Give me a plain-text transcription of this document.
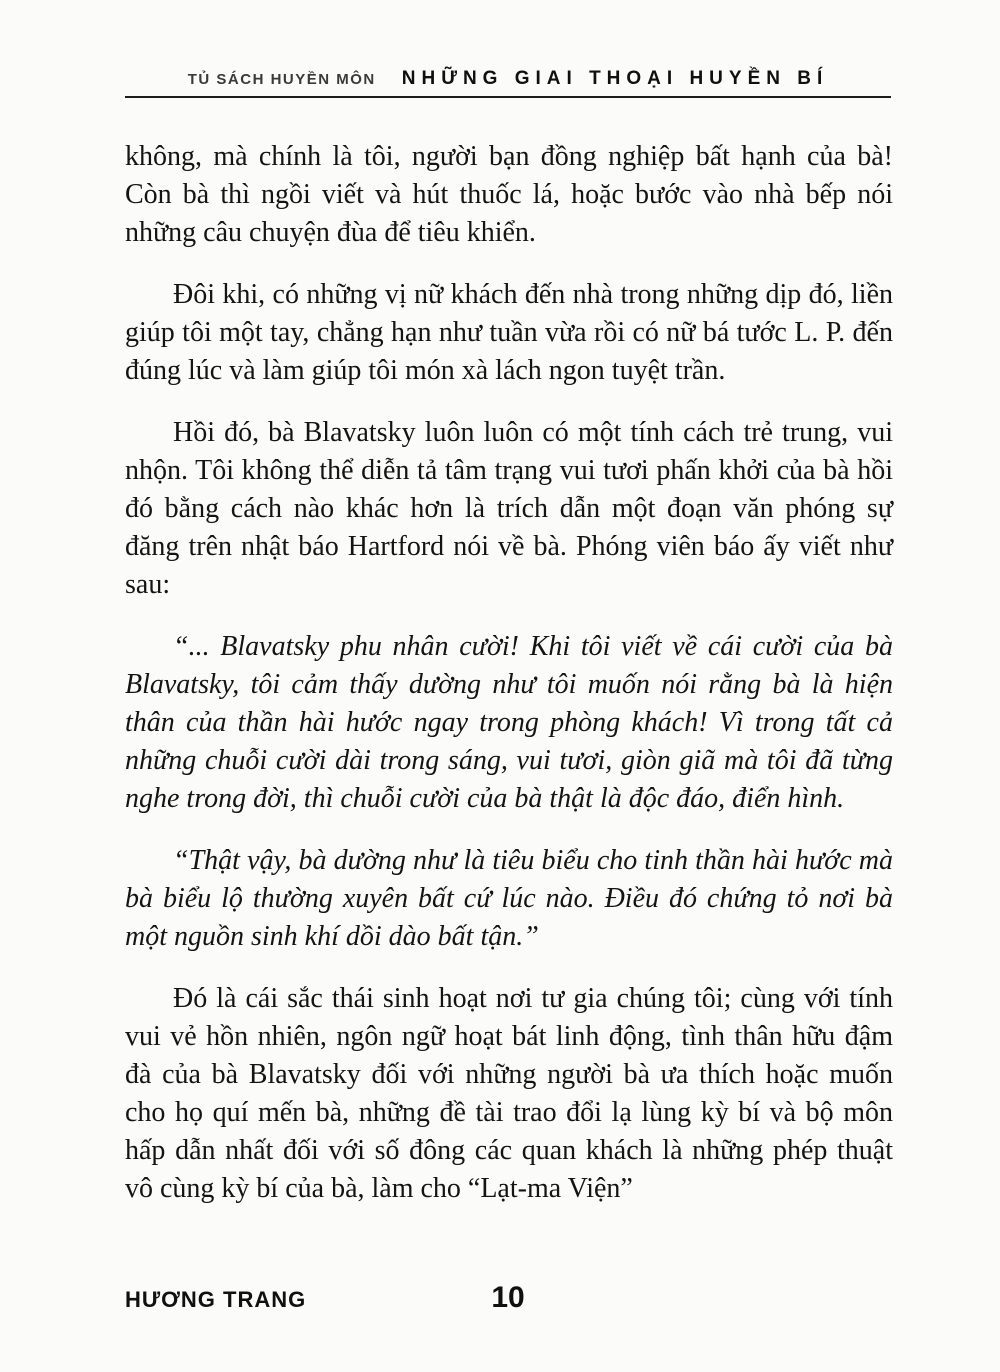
TỦ SÁCH HUYỀN MÔN NHỮNG GIAI THOẠI HUYỀN BÍ

không, mà chính là tôi, người bạn đồng nghiệp bất hạnh của bà! Còn bà thì ngồi viết và hút thuốc lá, hoặc bước vào nhà bếp nói những câu chuyện đùa để tiêu khiển.

Đôi khi, có những vị nữ khách đến nhà trong những dịp đó, liền giúp tôi một tay, chẳng hạn như tuần vừa rồi có nữ bá tước L. P. đến đúng lúc và làm giúp tôi món xà lách ngon tuyệt trần.

Hồi đó, bà Blavatsky luôn luôn có một tính cách trẻ trung, vui nhộn. Tôi không thể diễn tả tâm trạng vui tươi phấn khởi của bà hồi đó bằng cách nào khác hơn là trích dẫn một đoạn văn phóng sự đăng trên nhật báo Hartford nói về bà. Phóng viên báo ấy viết như sau:

“... Blavatsky phu nhân cười! Khi tôi viết về cái cười của bà Blavatsky, tôi cảm thấy dường như tôi muốn nói rằng bà là hiện thân của thần hài hước ngay trong phòng khách! Vì trong tất cả những chuỗi cười dài trong sáng, vui tươi, giòn giã mà tôi đã từng nghe trong đời, thì chuỗi cười của bà thật là độc đáo, điển hình.

“Thật vậy, bà dường như là tiêu biểu cho tinh thần hài hước mà bà biểu lộ thường xuyên bất cứ lúc nào. Điều đó chứng tỏ nơi bà một nguồn sinh khí dồi dào bất tận.”

Đó là cái sắc thái sinh hoạt nơi tư gia chúng tôi; cùng với tính vui vẻ hồn nhiên, ngôn ngữ hoạt bát linh động, tình thân hữu đậm đà của bà Blavatsky đối với những người bà ưa thích hoặc muốn cho họ quí mến bà, những đề tài trao đổi lạ lùng kỳ bí và bộ môn hấp dẫn nhất đối với số đông các quan khách là những phép thuật vô cùng kỳ bí của bà, làm cho “Lạt-ma Viện”

HƯƠNG TRANG	10
